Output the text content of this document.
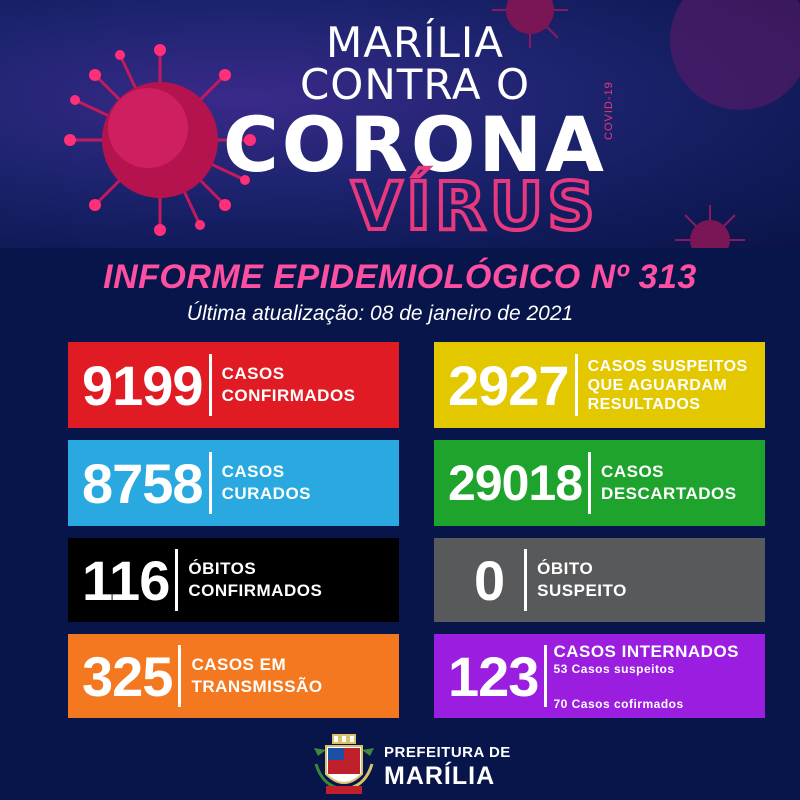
MARÍLIA
CONTRA O
CORONA
VÍRUS
COVID-19
INFORME EPIDEMIOLÓGICO Nº 313
Última atualização: 08 de janeiro de 2021
9199 CASOS
CONFIRMADOS 2927 CASOS SUSPEITOS
QUE AGUARDAM
RESULTADOS
8758 CASOS
CURADOS	29018 CASOS
DESCARTADOS
116 ÓBITOS
CONFIRMADOS	0 ÓBITO
SUSPEITO
325 CASOS EM
TRANSMISSÃO 123 CASOS INTERNADOS

53 Casos suspeitos

70 Casos cofirmados

PREFEITURA DE
MARÍLIA
